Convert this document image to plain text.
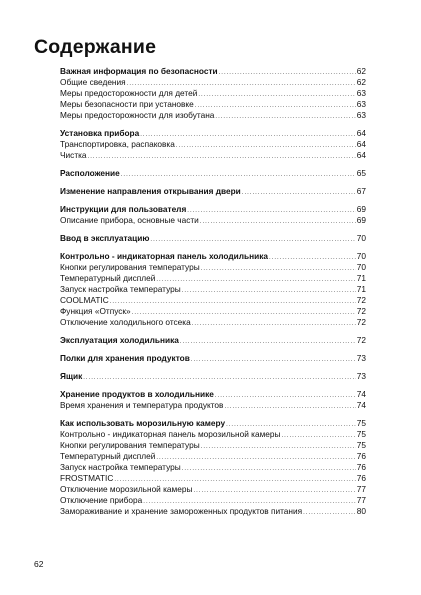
Содержание
Важная информация по безопасности .....	62
Общие сведения .....	62
Меры предосторожности для детей .....	63
Меры безопасности при установке .....	63
Меры предосторожности для изобутана .....	63
Установка прибора .....	64
Транспортировка, распаковка .....	64
Чистка .....	64
Расположение .....	65
Изменение направления открывания двери .....	67
Инструкции для пользователя .....	69
Описание прибора, основные части .....	69
Ввод в эксплуатацию .....	70
Контрольно - индикаторная панель холодильника .....	70
Кнопки регулирования температуры .....	70
Температурный дисплей .....	71
Запуск настройка температуры .....	71
COOLMATIC .....	72
Функция «Отпуск» .....	72
Отключение холодильного отсека .....	72
Эксплуатация холодильника .....	72
Полки для хранения продуктов .....	73
Ящик .....	73
Хранение продуктов в холодильнике .....	74
Время хранения и температура продуктов .....	74
Как использовать морозильную камеру .....	75
Контрольно - индикаторная панель морозильной камеры .....	75
Кнопки регулирования температуры .....	75
Температурный дисплей .....	76
Запуск настройка температуры .....	76
FROSTMATIC .....	76
Отключение морозильной камеры .....	77
Отключение прибора .....	77
Замораживание и хранение замороженных продуктов питания .....	80
62
